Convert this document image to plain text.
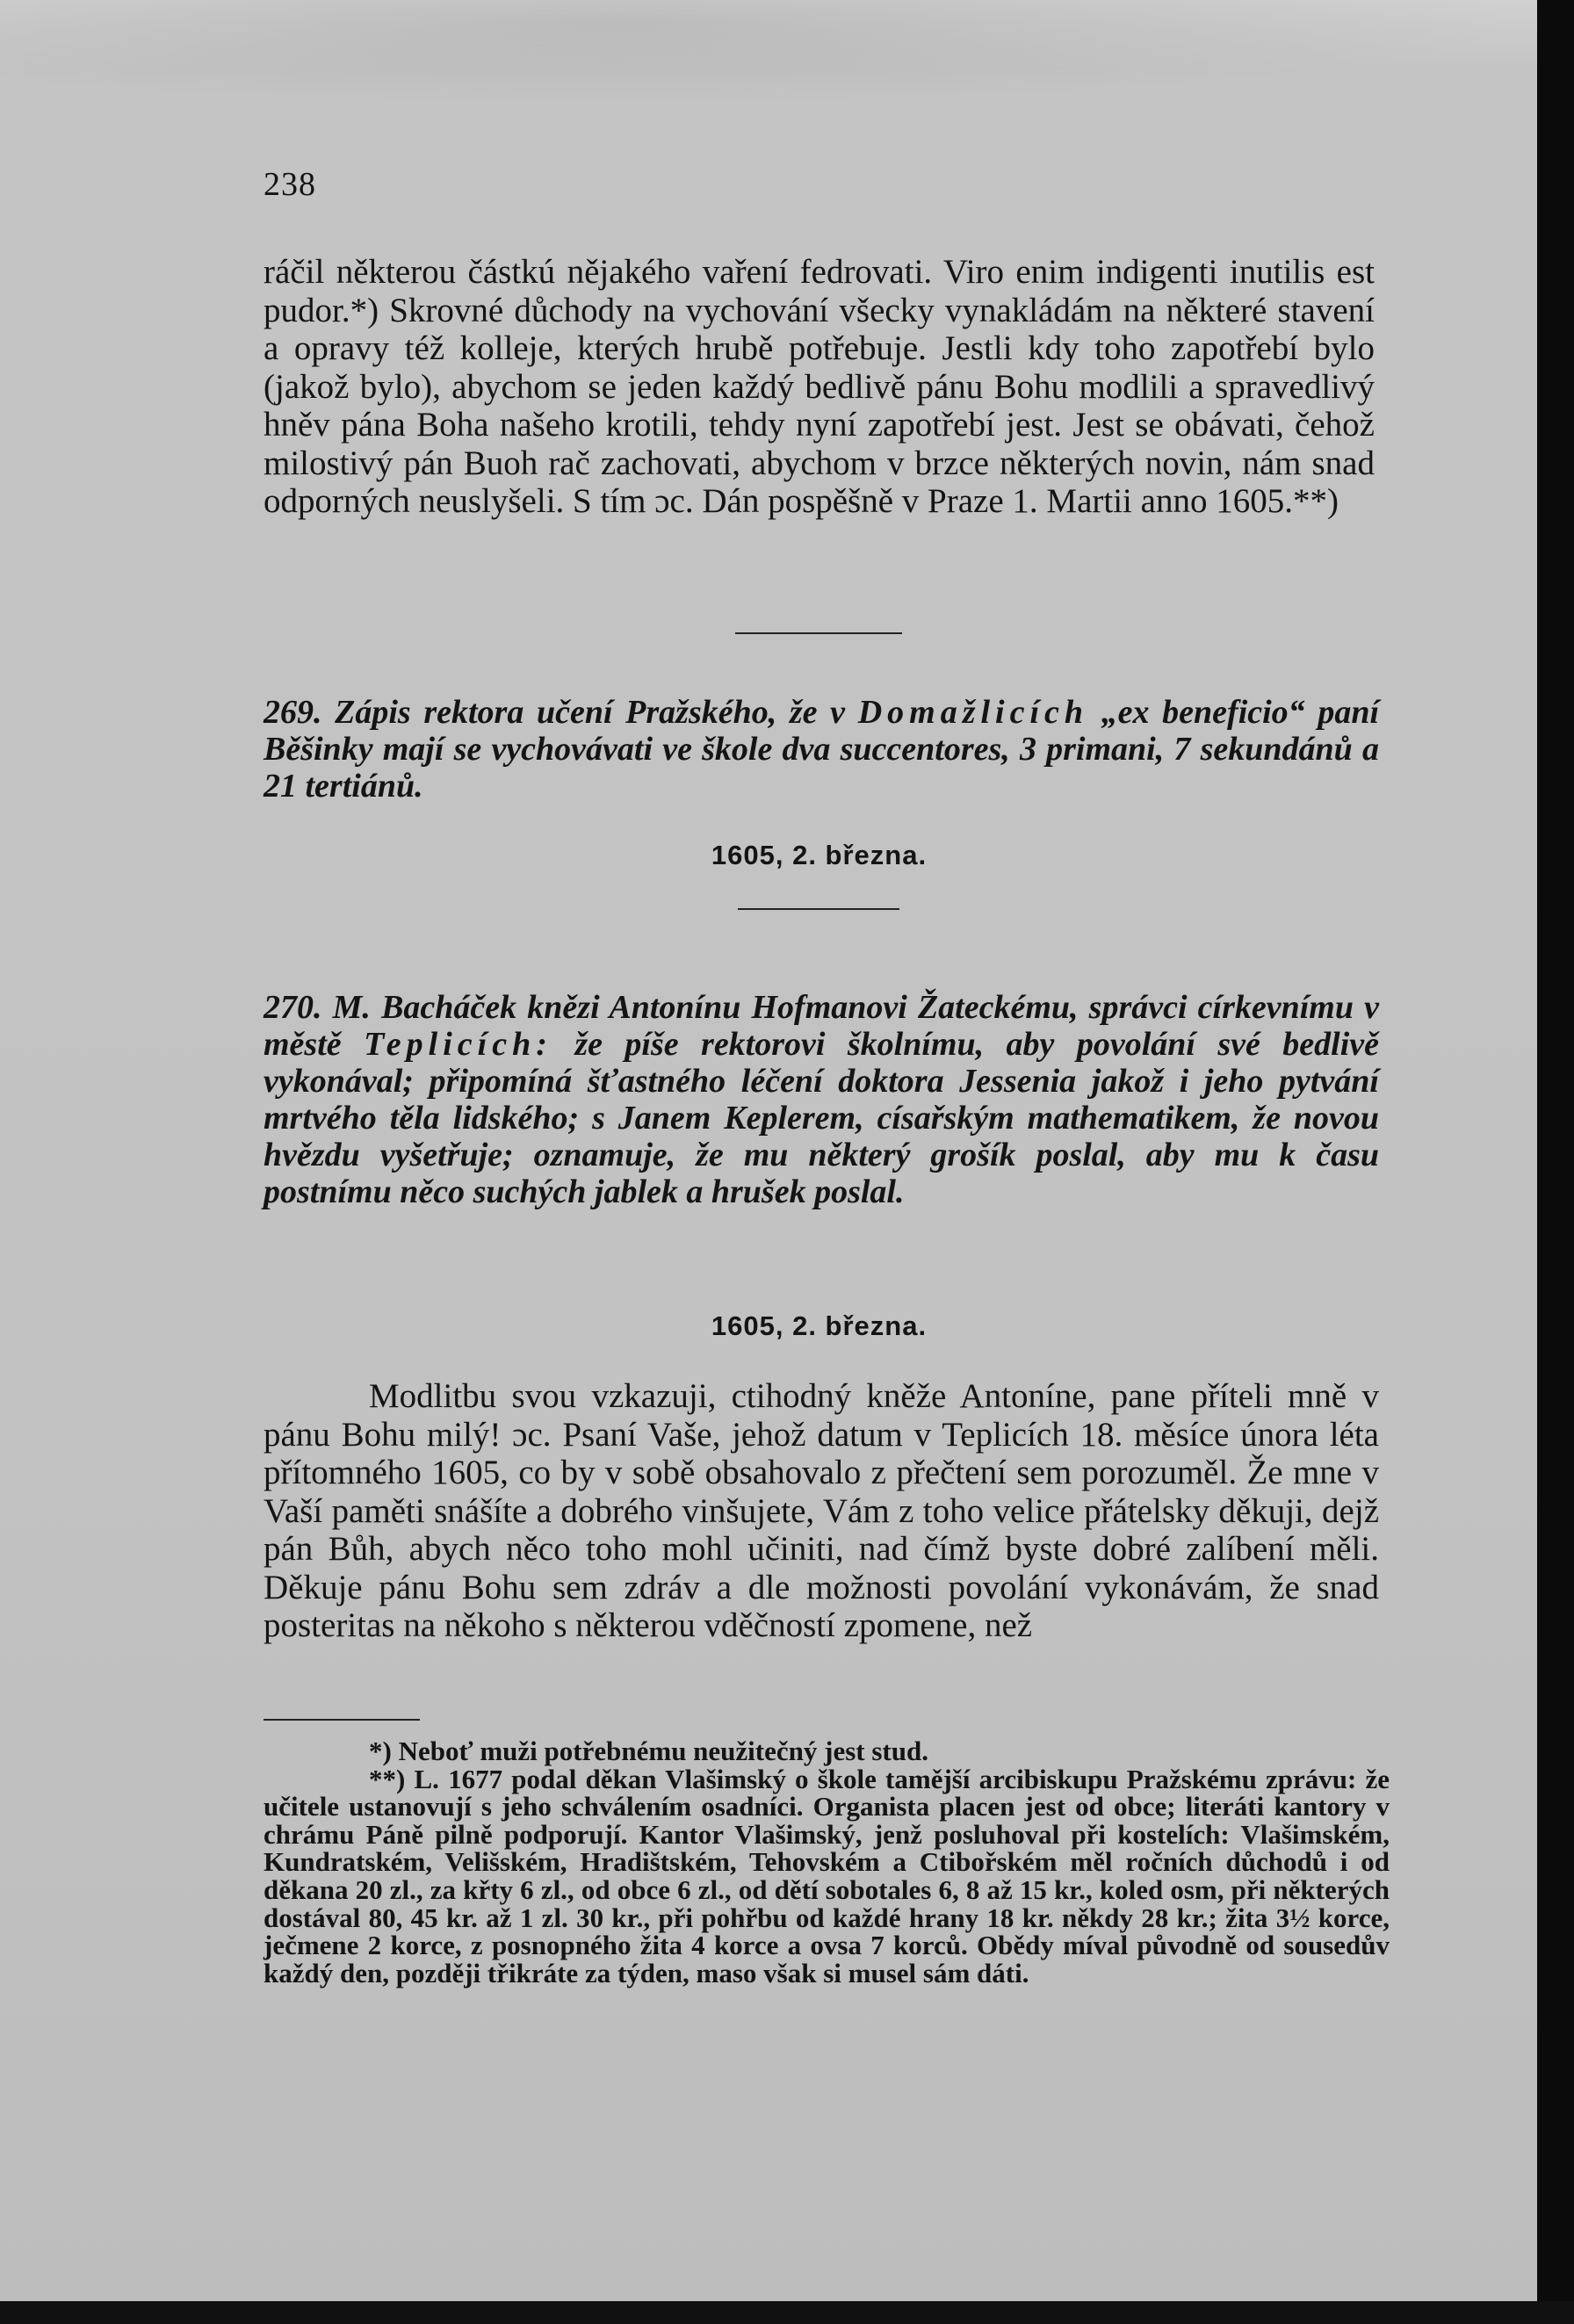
238

ráčil některou částkú nějakého vaření fedrovati. Viro enim indigenti inutilis est pudor.*) Skrovné důchody na vychování všecky vynakládám na některé stavení a opravy též kolleje, kterých hrubě potřebuje. Jestli kdy toho zapotřebí bylo (jakož bylo), abychom se jeden každý bedlivě pánu Bohu modlili a spravedlivý hněv pána Boha našeho krotili, tehdy nyní zapotřebí jest. Jest se obávati, čehož milostivý pán Buoh rač zachovati, abychom v brzce některých novin, nám snad odporných neuslyšeli. S tím ɔc. Dán pospěšně v Praze 1. Martii anno 1605.**)

269. Zápis rektora učení Pražského, že v Domažlicích „ex beneficio“ paní Běšinky mají se vychovávati ve škole dva succentores, 3 primani, 7 sekundánů a 21 tertiánů.

1605, 2. března.

270. M. Bacháček knězi Antonínu Hofmanovi Žateckému, správci církevnímu v městě Teplicích: že píše rektorovi školnímu, aby povolání své bedlivě vykonával; připomíná šťastného léčení doktora Jessenia jakož i jeho pytvání mrtvého těla lidského; s Janem Keplerem, císařským mathematikem, že novou hvězdu vyšetřuje; oznamuje, že mu některý grošík poslal, aby mu k času postnímu něco suchých jablek a hrušek poslal.

1605, 2. března.

Modlitbu svou vzkazuji, ctihodný kněže Antoníne, pane příteli mně v pánu Bohu milý! ɔc. Psaní Vaše, jehož datum v Teplicích 18. měsíce února léta přítomného 1605, co by v sobě obsahovalo z přečtení sem porozuměl. Že mne v Vaší paměti snášíte a dobrého vinšujete, Vám z toho velice přátelsky děkuji, dejž pán Bůh, abych něco toho mohl učiniti, nad čímž byste dobré zalíbení měli. Děkuje pánu Bohu sem zdráv a dle možnosti povolání vykonávám, že snad posteritas na někoho s některou vděčností zpomene, než

*) Neboť muži potřebnému neužitečný jest stud.

**) L. 1677 podal děkan Vlašimský o škole tamější arcibiskupu Pražskému zprávu: že učitele ustanovují s jeho schválením osadníci. Organista placen jest od obce; literáti kantory v chrámu Páně pilně podporují. Kantor Vlašimský, jenž posluhoval při kostelích: Vlašimském, Kundratském, Velišském, Hradištském, Tehovském a Ctibořském měl ročních důchodů i od děkana 20 zl., za křty 6 zl., od obce 6 zl., od dětí sobotales 6, 8 až 15 kr., koled osm, při některých dostával 80, 45 kr. až 1 zl. 30 kr., při pohřbu od každé hrany 18 kr. někdy 28 kr.; žita 3½ korce, ječmene 2 korce, z posnopného žita 4 korce a ovsa 7 korců. Obědy míval původně od sousedův každý den, později třikráte za týden, maso však si musel sám dáti.
